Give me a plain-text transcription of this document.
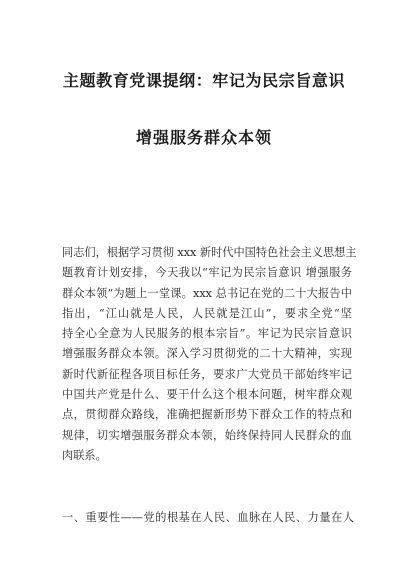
主题教育党课提纲：牢记为民宗旨意识
增强服务群众本领
同志们，根据学习贯彻 xxx 新时代中国特色社会主义思想主
题教育计划安排，今天我以“牢记为民宗旨意识 增强服务
群众本领”为题上一堂课。xxx 总书记在党的二十大报告中
指出，“江山就是人民，人民就是江山”，要求全党“坚
持全心全意为人民服务的根本宗旨”。牢记为民宗旨意识
增强服务群众本领。深入学习贯彻党的二十大精神，实现
新时代新征程各项目标任务，要求广大党员干部始终牢记
中国共产党是什么、要干什么这个根本问题，树牢群众观
点，贯彻群众路线，准确把握新形势下群众工作的特点和
规律，切实增强服务群众本领，始终保持同人民群众的血
肉联系。
一、重要性——党的根基在人民、血脉在人民、力量在人
